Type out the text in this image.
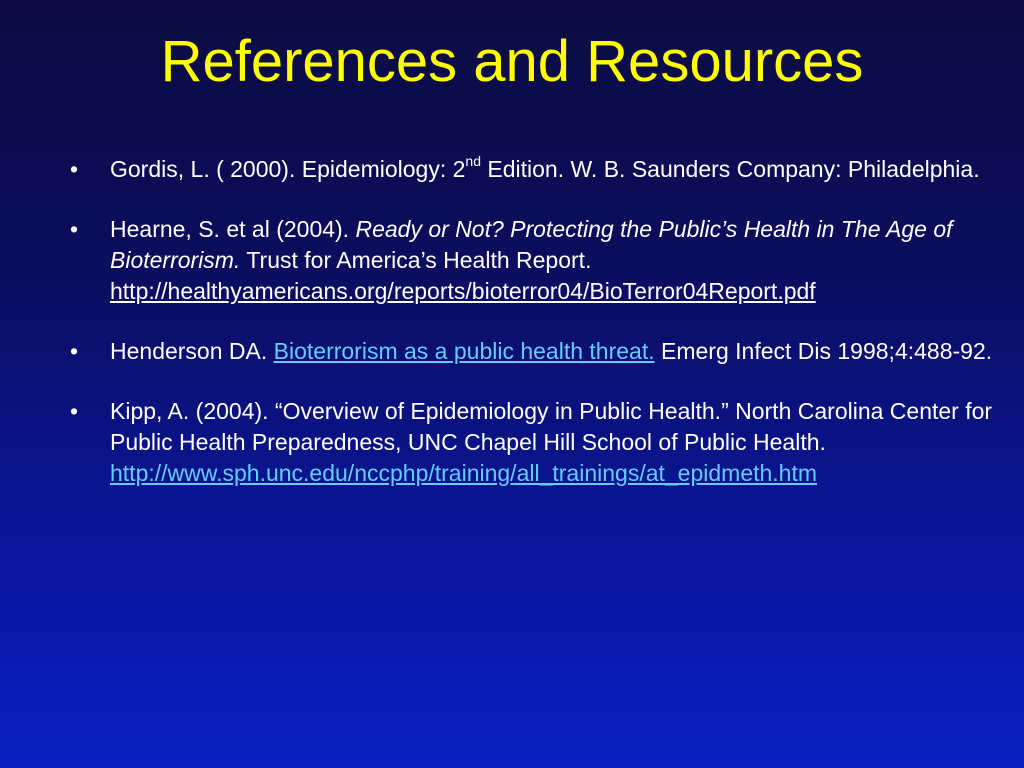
References and Resources
• Gordis, L. ( 2000). Epidemiology: 2nd Edition. W. B. Saunders Company: Philadelphia.
• Hearne, S. et al (2004). Ready or Not? Protecting the Public’s Health in The Age of Bioterrorism. Trust for America’s Health Report.
http://healthyamericans.org/reports/bioterror04/BioTerror04Report.pdf
• Henderson DA. Bioterrorism as a public health threat. Emerg Infect Dis 1998;4:488-92.
• Kipp, A. (2004). “Overview of Epidemiology in Public Health.” North Carolina Center for Public Health Preparedness, UNC Chapel Hill School of Public Health.
http://www.sph.unc.edu/nccphp/training/all_trainings/at_epidmeth.htm
